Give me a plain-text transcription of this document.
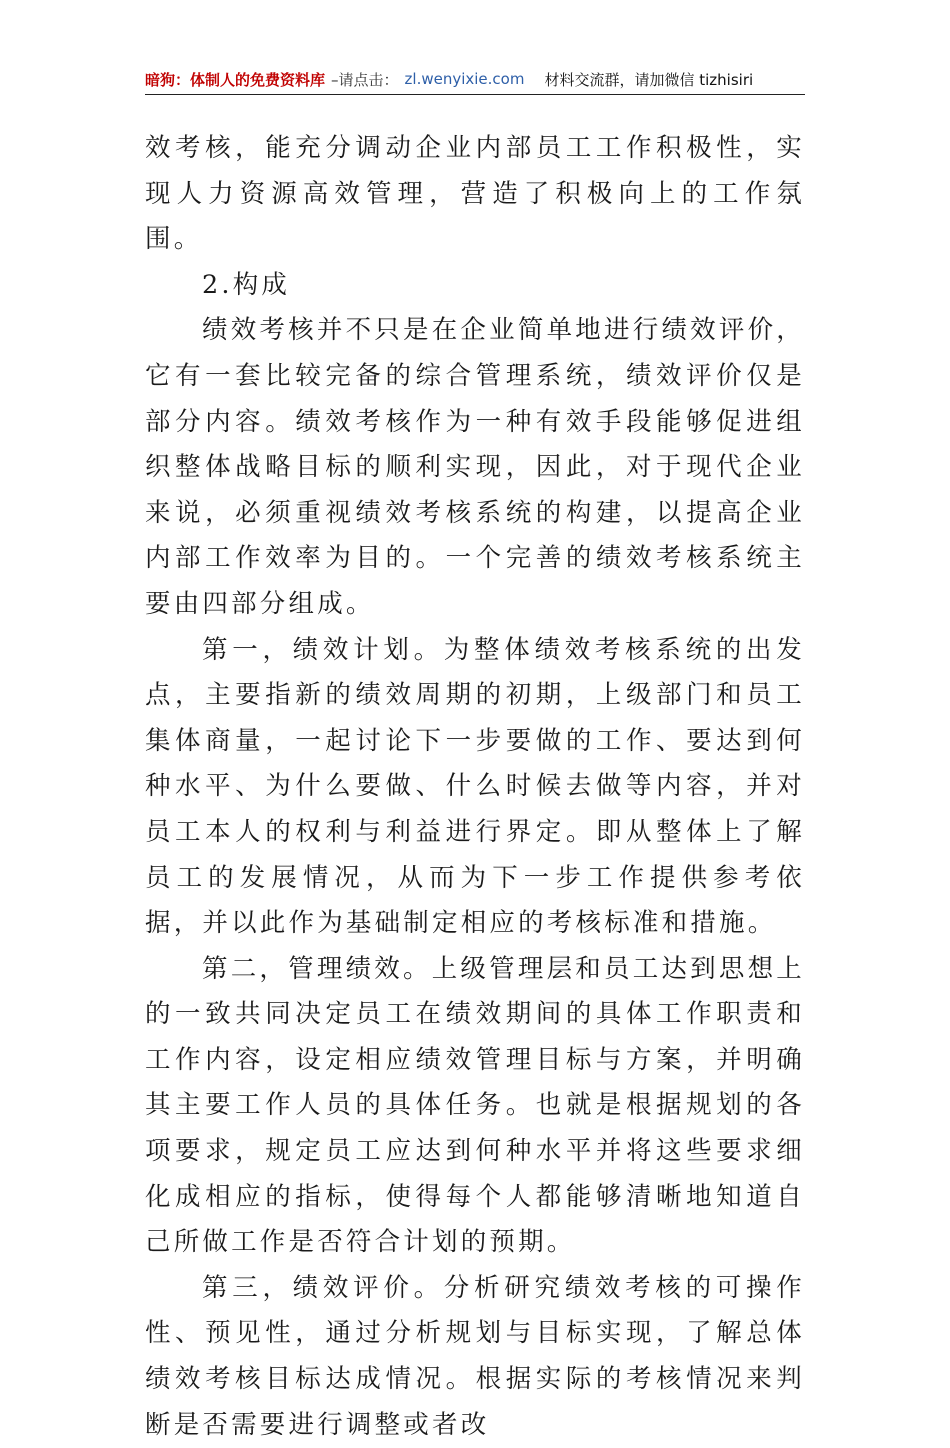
暗狗：体制人的免费资料库 –请点击： zl.wenyixie.com 材料交流群，请加微信 tizhisiri

效考核，能充分调动企业内部员工工作积极性，实现人力资源高效管理，营造了积极向上的工作氛围。

2.构成

绩效考核并不只是在企业简单地进行绩效评价，它有一套比较完备的综合管理系统，绩效评价仅是部分内容。绩效考核作为一种有效手段能够促进组织整体战略目标的顺利实现，因此，对于现代企业来说，必须重视绩效考核系统的构建，以提高企业内部工作效率为目的。一个完善的绩效考核系统主要由四部分组成。

第一，绩效计划。为整体绩效考核系统的出发点，主要指新的绩效周期的初期，上级部门和员工集体商量，一起讨论下一步要做的工作、要达到何种水平、为什么要做、什么时候去做等内容，并对员工本人的权利与利益进行界定。即从整体上了解员工的发展情况，从而为下一步工作提供参考依据，并以此作为基础制定相应的考核标准和措施。

第二，管理绩效。上级管理层和员工达到思想上的一致共同决定员工在绩效期间的具体工作职责和工作内容，设定相应绩效管理目标与方案，并明确其主要工作人员的具体任务。也就是根据规划的各项要求，规定员工应达到何种水平并将这些要求细化成相应的指标，使得每个人都能够清晰地知道自己所做工作是否符合计划的预期。

第三，绩效评价。分析研究绩效考核的可操作性、预见性，通过分析规划与目标实现，了解总体绩效考核目标达成情况。根据实际的考核情况来判断是否需要进行调整或者改
